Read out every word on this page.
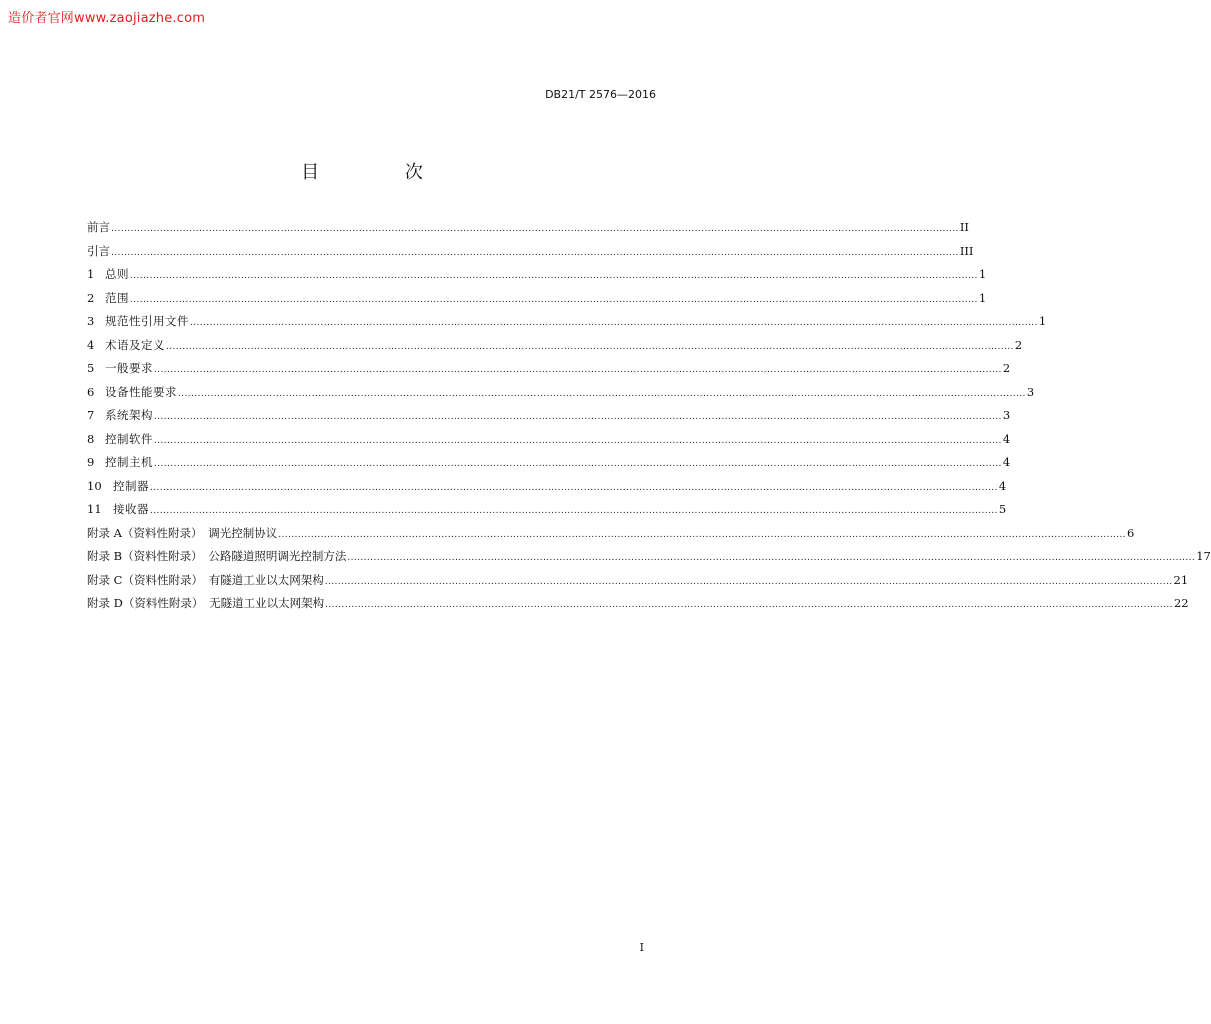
造价者官网www.zaojiazhe.com
DB21/T 2576—2016
目 次
前言 .................................................................................................................................................................................................................................................................... II
引言 .................................................................................................................................................................................................................................................................... III
1 总则 .................................................................................................................................................................................................................................................................... 1
2 范围 .................................................................................................................................................................................................................................................................... 1
3 规范性引用文件 .................................................................................................................................................................................................................................................................... 1
4 术语及定义 .................................................................................................................................................................................................................................................................... 2
5 一般要求 .................................................................................................................................................................................................................................................................... 2
6 设备性能要求 .................................................................................................................................................................................................................................................................... 3
7 系统架构 .................................................................................................................................................................................................................................................................... 3
8 控制软件 .................................................................................................................................................................................................................................................................... 4
9 控制主机 .................................................................................................................................................................................................................................................................... 4
10 控制器 .................................................................................................................................................................................................................................................................... 4
11 接收器 .................................................................................................................................................................................................................................................................... 5
附录 A（资料性附录）　调光控制协议 .................................................................................................................................................................................................................................................................... 6
附录 B（资料性附录）　公路隧道照明调光控制方法 .................................................................................................................................................................................................................................................................... 17
附录 C（资料性附录）　有隧道工业以太网架构 .................................................................................................................................................................................................................................................................... 21
附录 D（资料性附录）　无隧道工业以太网架构 .................................................................................................................................................................................................................................................................... 22
I
